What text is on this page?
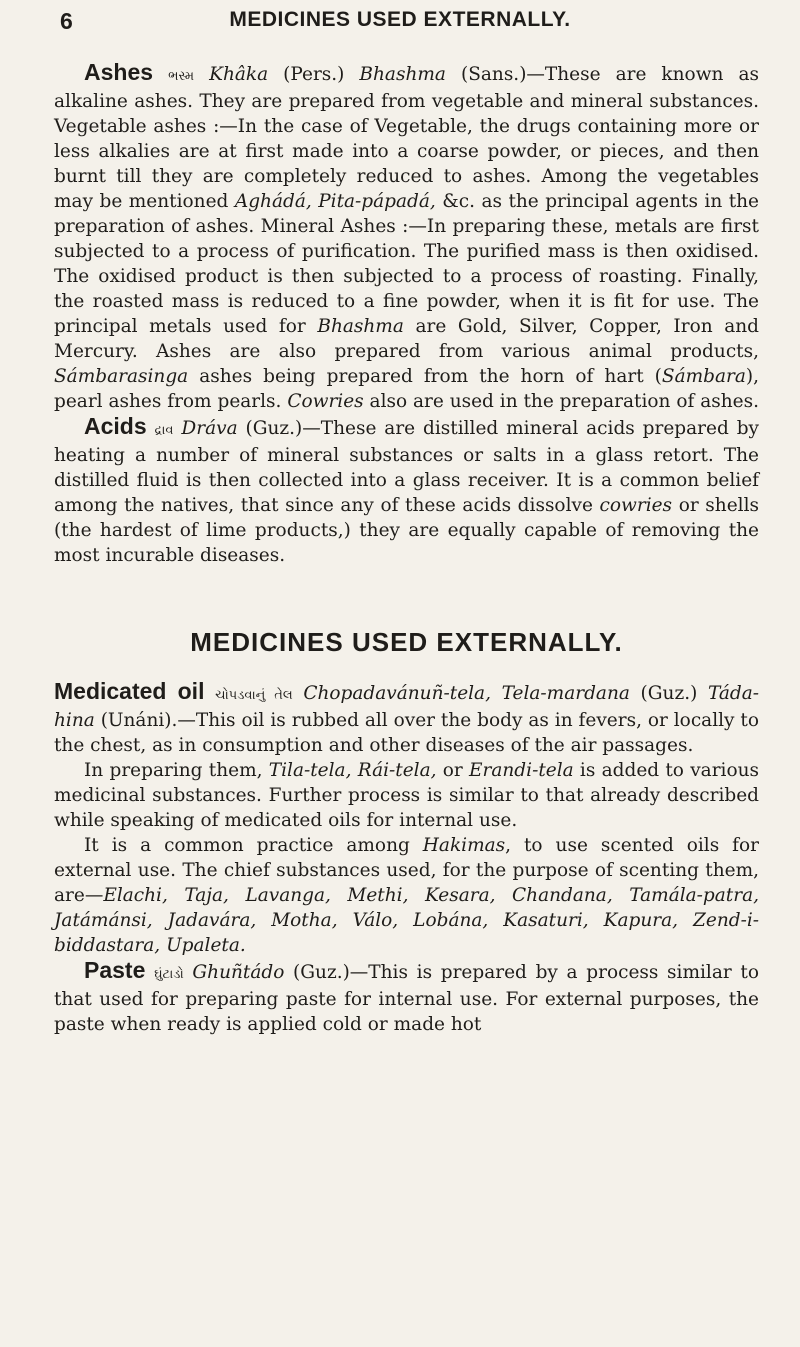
6	MEDICINES USED EXTERNALLY.

Ashes ભસ્મ Khâka (Pers.) Bhashma (Sans.)—These are known as alkaline ashes. They are prepared from vegetable and mineral substances. Vegetable ashes :—In the case of Vegetable, the drugs containing more or less alkalies are at first made into a coarse powder, or pieces, and then burnt till they are completely reduced to ashes. Among the vegetables may be mentioned Aghádá, Pita-pápadá, &c. as the principal agents in the preparation of ashes. Mineral Ashes :—In preparing these, metals are first subjected to a process of purification. The purified mass is then oxidised. The oxidised product is then subjected to a process of roasting. Finally, the roasted mass is reduced to a fine powder, when it is fit for use. The principal metals used for Bhashma are Gold, Silver, Copper, Iron and Mercury. Ashes are also prepared from various animal products, Sámbarasinga ashes being prepared from the horn of hart (Sámbara), pearl ashes from pearls. Cowries also are used in the preparation of ashes.

Acids દ્રાવ Dráva (Guz.)—These are distilled mineral acids prepared by heating a number of mineral substances or salts in a glass retort. The distilled fluid is then collected into a glass receiver. It is a common belief among the natives, that since any of these acids dissolve cowries or shells (the hardest of lime products,) they are equally capable of removing the most incurable diseases.

MEDICINES USED EXTERNALLY.

Medicated oil ચોપડવાનું તેલ Chopadavánuñ-tela, Tela-mardana (Guz.) Táda-hina (Unáni).—This oil is rubbed all over the body as in fevers, or locally to the chest, as in consumption and other diseases of the air passages.

In preparing them, Tila-tela, Rái-tela, or Erandi-tela is added to various medicinal substances. Further process is similar to that already described while speaking of medicated oils for internal use.

It is a common practice among Hakimas, to use scented oils for external use. The chief substances used, for the purpose of scenting them, are—Elachi, Taja, Lavanga, Methi, Kesara, Chandana, Tamála-patra, Jatámánsi, Jadavára, Motha, Válo, Lobána, Kasaturi, Kapura, Zend-i-biddastara, Upaleta.

Paste ઘુંટાડો Ghuñtádo (Guz.)—This is prepared by a process similar to that used for preparing paste for internal use. For external purposes, the paste when ready is applied cold or made hot
